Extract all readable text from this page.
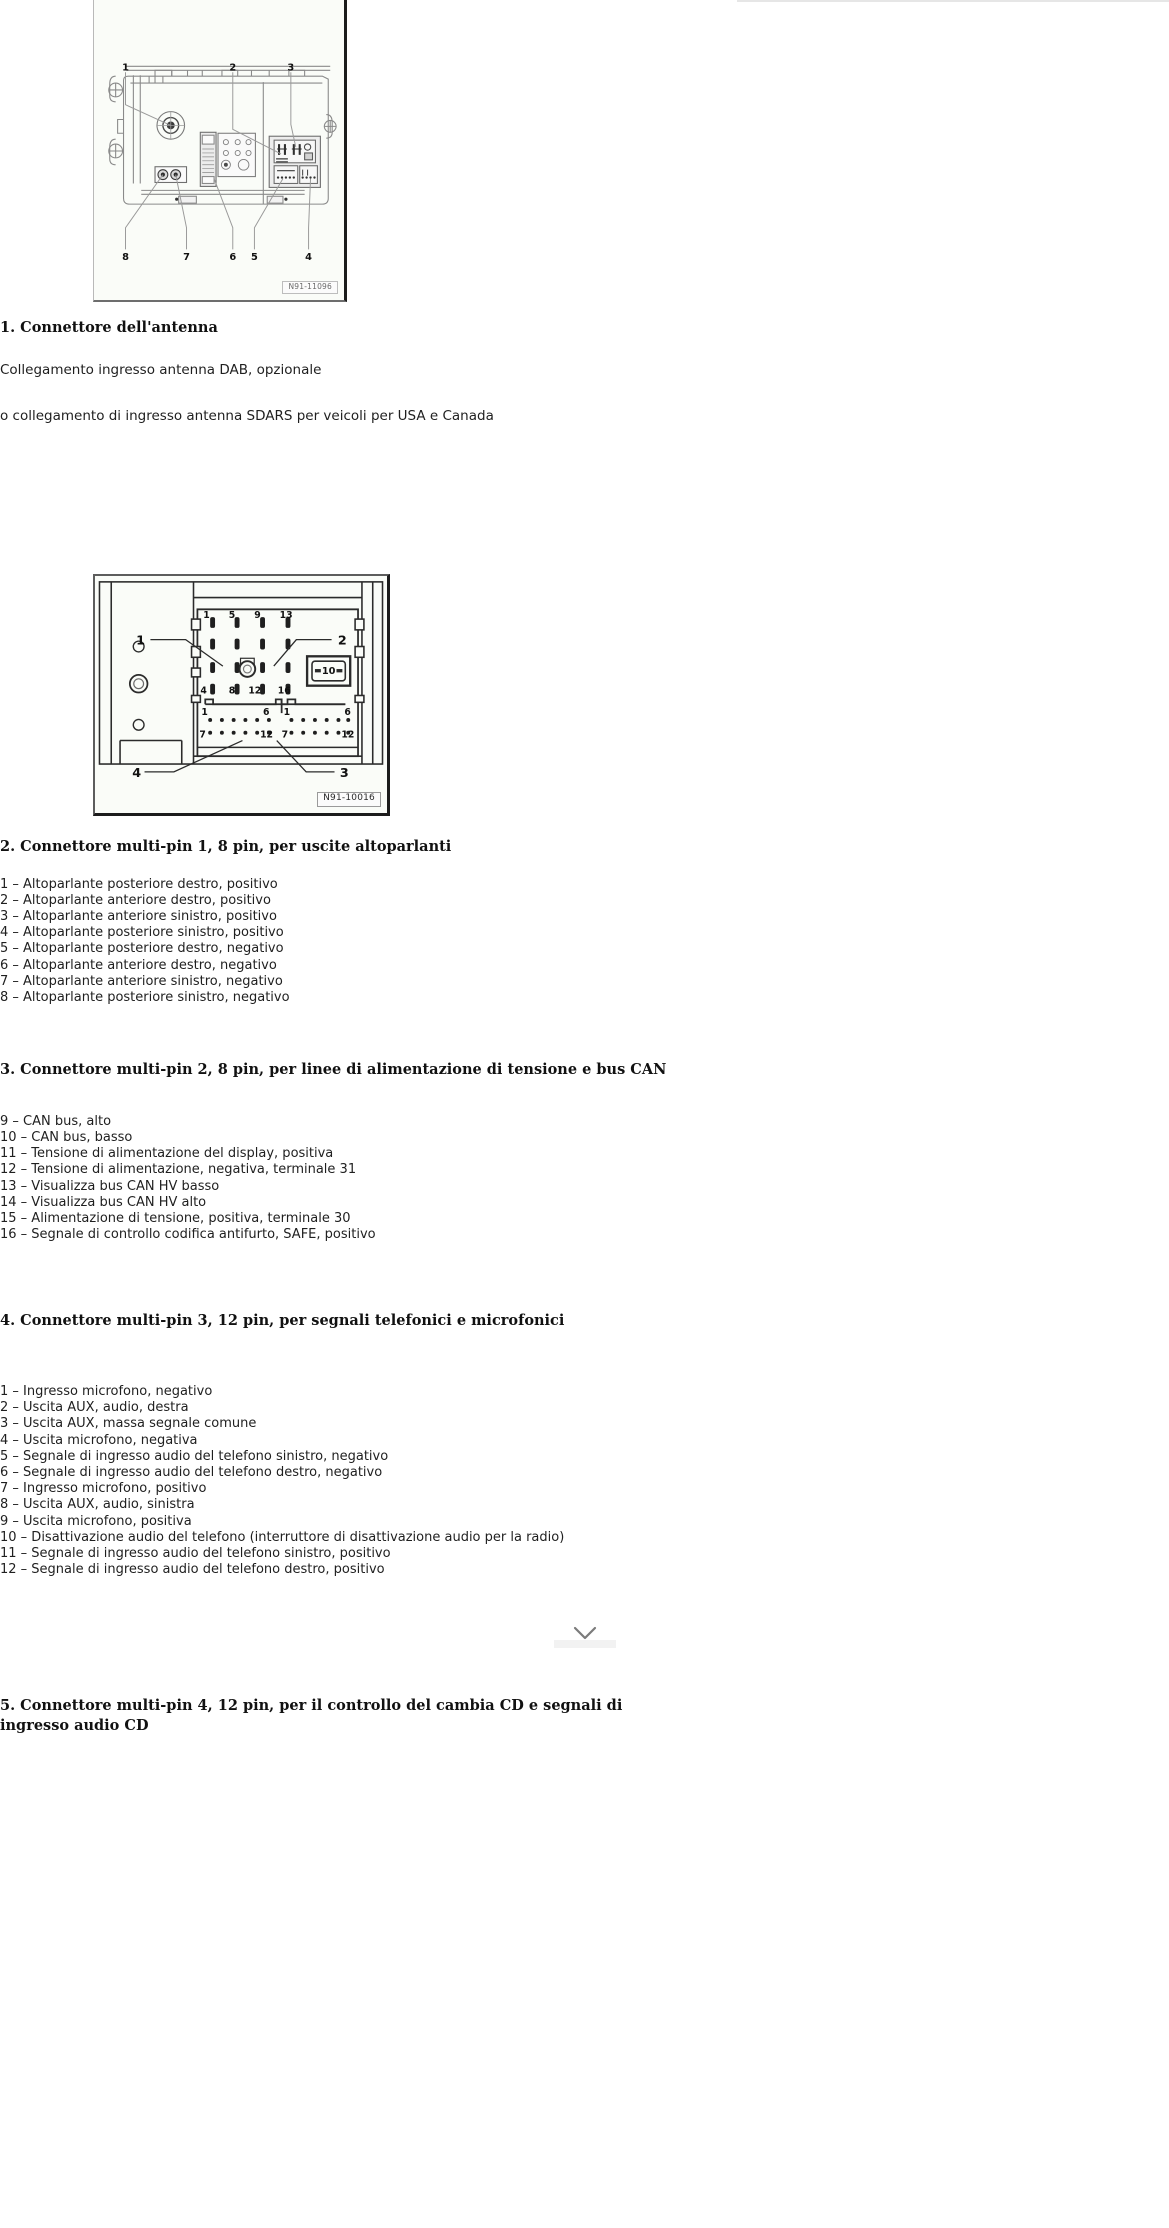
1	2	3
8	7	6 5	4
N91-11096
1. Connettore dell'antenna

Collegamento ingresso antenna DAB, opzionale

o collegamento di ingresso antenna SDARS per veicoli per USA e Canada

10
1 5 9 13
4 8 12 16
1	6 1	6
7	12 7	12
1	2
4	3
N91-10016
2. Connettore multi-pin 1, 8 pin, per uscite altoparlanti
1 – Altoparlante posteriore destro, positivo
2 – Altoparlante anteriore destro, positivo
3 – Altoparlante anteriore sinistro, positivo
4 – Altoparlante posteriore sinistro, positivo
5 – Altoparlante posteriore destro, negativo
6 – Altoparlante anteriore destro, negativo
7 – Altoparlante anteriore sinistro, negativo
8 – Altoparlante posteriore sinistro, negativo
3. Connettore multi-pin 2, 8 pin, per linee di alimentazione di tensione e bus CAN
9 – CAN bus, alto
10 – CAN bus, basso
11 – Tensione di alimentazione del display, positiva
12 – Tensione di alimentazione, negativa, terminale 31
13 – Visualizza bus CAN HV basso
14 – Visualizza bus CAN HV alto
15 – Alimentazione di tensione, positiva, terminale 30
16 – Segnale di controllo codifica antifurto, SAFE, positivo
4. Connettore multi-pin 3, 12 pin, per segnali telefonici e microfonici
1 – Ingresso microfono, negativo
2 – Uscita AUX, audio, destra
3 – Uscita AUX, massa segnale comune
4 – Uscita microfono, negativa
5 – Segnale di ingresso audio del telefono sinistro, negativo
6 – Segnale di ingresso audio del telefono destro, negativo
7 – Ingresso microfono, positivo
8 – Uscita AUX, audio, sinistra
9 – Uscita microfono, positiva
10 – Disattivazione audio del telefono (interruttore di disattivazione audio per la radio)
11 – Segnale di ingresso audio del telefono sinistro, positivo
12 – Segnale di ingresso audio del telefono destro, positivo
5. Connettore multi-pin 4, 12 pin, per il controllo del cambia CD e segnali di ingresso audio CD
